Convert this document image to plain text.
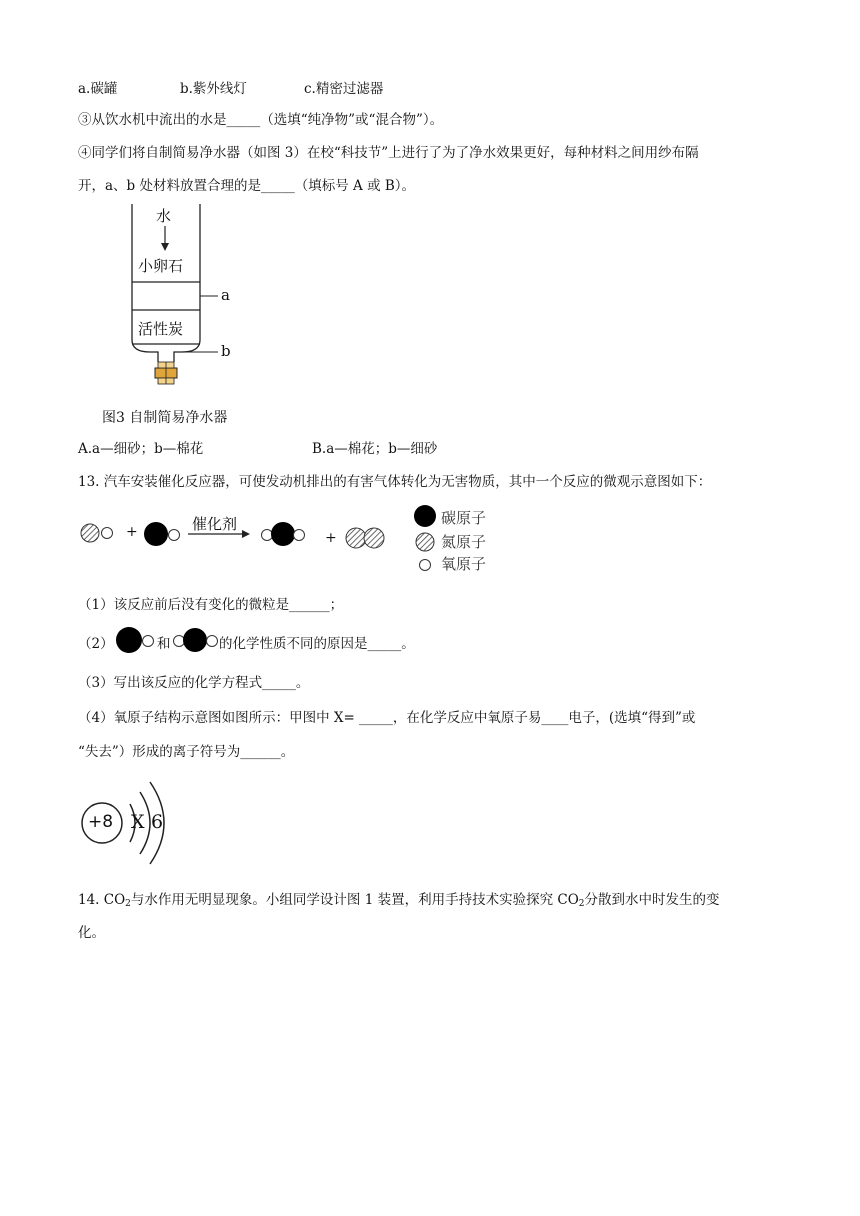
a.碳罐	b.紫外线灯	c.精密过滤器
③从饮水机中流出的水是_____（选填“纯净物”或“混合物”）。
④同学们将自制简易净水器（如图 3）在校“科技节”上进行了为了净水效果更好，每种材料之间用纱布隔
开，a、b 处材料放置合理的是_____（填标号 A 或 B）。
水
小卵石
a
活性炭
b
图3 自制简易净水器
A.a—细砂；b—棉花	B.a—棉花；b—细砂
13. 汽车安装催化反应器，可使发动机排出的有害气体转化为无害物质，其中一个反应的微观示意图如下：
+	催化剂
+
碳原子
氮原子
氧原子
（1）该反应前后没有变化的微粒是______；
（2）	和	的化学性质不同的原因是_____。
（3）写出该反应的化学方程式_____。
（4）氧原子结构示意图如图所示：甲图中 X= _____，在化学反应中氧原子易____电子，(选填“得到”或
“失去”）形成的离子符号为______。
+8 X 6
14. $CO_2$与水作用无明显现象。小组同学设计图 1 装置，利用手持技术实验探究 $CO_2$分散到水中时发生的变
化。
